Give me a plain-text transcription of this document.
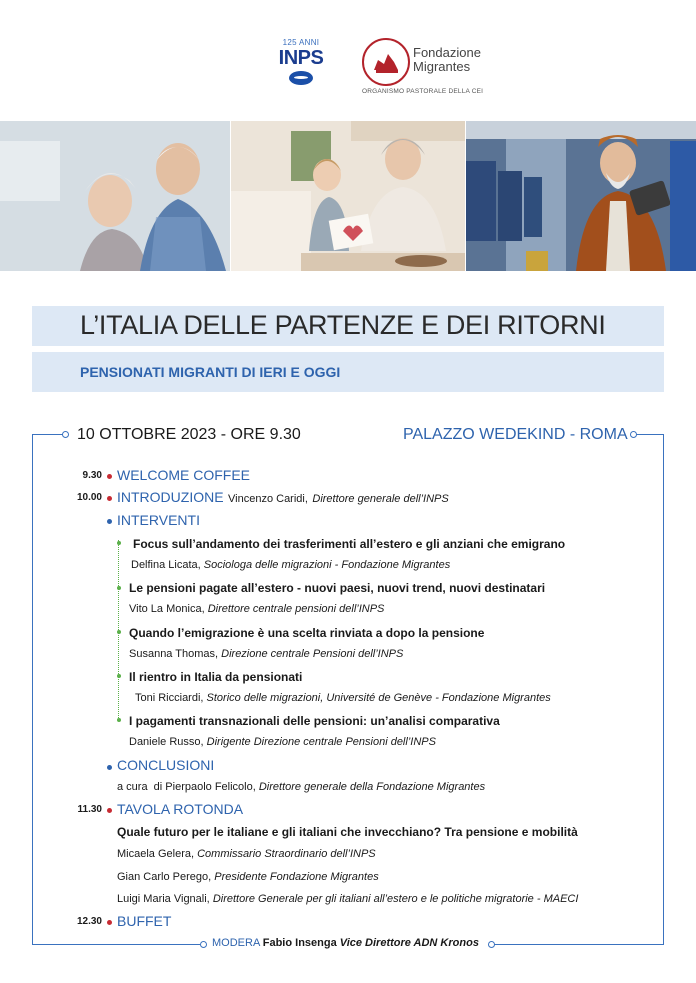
125 ANNI
INPS	Fondazione
Migrantes
ORGANISMO PASTORALE DELLA CEI
L’ITALIA DELLE PARTENZE E DEI RITORNI
PENSIONATI MIGRANTI DI IERI E OGGI
10 OTTOBRE 2023 - ORE 9.30	PALAZZO WEDEKIND - ROMA
9.30 WELCOME COFFEE
10.00 INTRODUZIONE Vincenzo Caridi, Direttore generale dell’INPS
INTERVENTI
Focus sull’andamento dei trasferimenti all’estero e gli anziani che emigrano
Delfina Licata, Sociologa delle migrazioni - Fondazione Migrantes
Le pensioni pagate all’estero - nuovi paesi, nuovi trend, nuovi destinatari
Vito La Monica, Direttore centrale pensioni dell’INPS
Quando l’emigrazione è una scelta rinviata a dopo la pensione
Susanna Thomas, Direzione centrale Pensioni dell’INPS
Il rientro in Italia da pensionati
Toni Ricciardi, Storico delle migrazioni, Université de Genève - Fondazione Migrantes
I pagamenti transnazionali delle pensioni: un’analisi comparativa
Daniele Russo, Dirigente Direzione centrale Pensioni dell’INPS
CONCLUSIONI
a cura  di Pierpaolo Felicolo, Direttore generale della Fondazione Migrantes
11.30 TAVOLA ROTONDA
Quale futuro per le italiane e gli italiani che invecchiano? Tra pensione e mobilità
Micaela Gelera, Commissario Straordinario dell’INPS
Gian Carlo Perego, Presidente Fondazione Migrantes
Luigi Maria Vignali, Direttore Generale per gli italiani all’estero e le politiche migratorie - MAECI
12.30 BUFFET
MODERA Fabio Insenga Vice Direttore ADN Kronos
